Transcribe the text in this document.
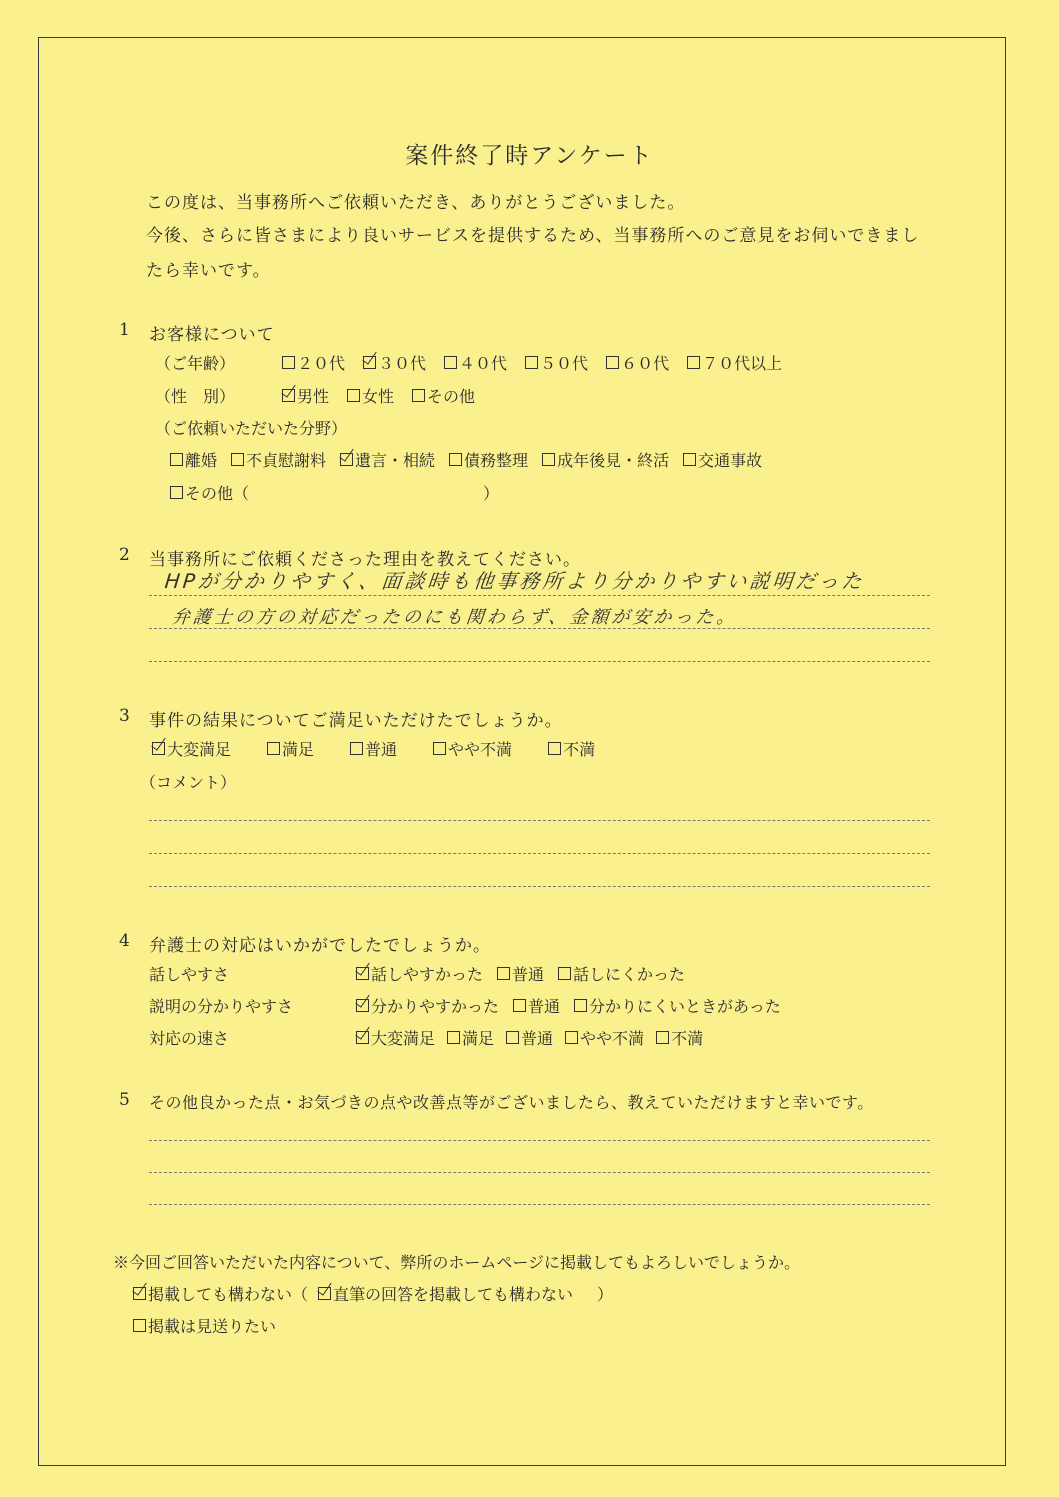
案件終了時アンケート
この度は、当事務所へご依頼いただき、ありがとうございました。
今後、さらに皆さまにより良いサービスを提供するため、当事務所へのご意見をお伺いできまし
たら幸いです。
1 お客様について
（ご年齢）	２０代 ３０代 ４０代 ５０代 ６０代 ７０代以上
（性　別）	男性 女性 その他
（ご依頼いただいた分野）
離婚 不貞慰謝料 遺言・相続 債務整理 成年後見・終活 交通事故
その他（	）
2 当事務所にご依頼くださった理由を教えてください。
HPが分かりやすく、面談時も他事務所より分かりやすい説明だった
弁護士の方の対応だったのにも関わらず、金額が安かった。
3 事件の結果についてご満足いただけたでしょうか。
大変満足	満足	普通	やや不満	不満
（コメント）
4 弁護士の対応はいかがでしたでしょうか。
話しやすさ	話しやすかった 普通 話しにくかった
説明の分かりやすさ	分かりやすかった 普通 分かりにくいときがあった
対応の速さ	大変満足 満足 普通 やや不満 不満
5 その他良かった点・お気づきの点や改善点等がございましたら、教えていただけますと幸いです。
※今回ご回答いただいた内容について、弊所のホームページに掲載してもよろしいでしょうか。
掲載しても構わない（ 直筆の回答を掲載しても構わない ）
掲載は見送りたい
